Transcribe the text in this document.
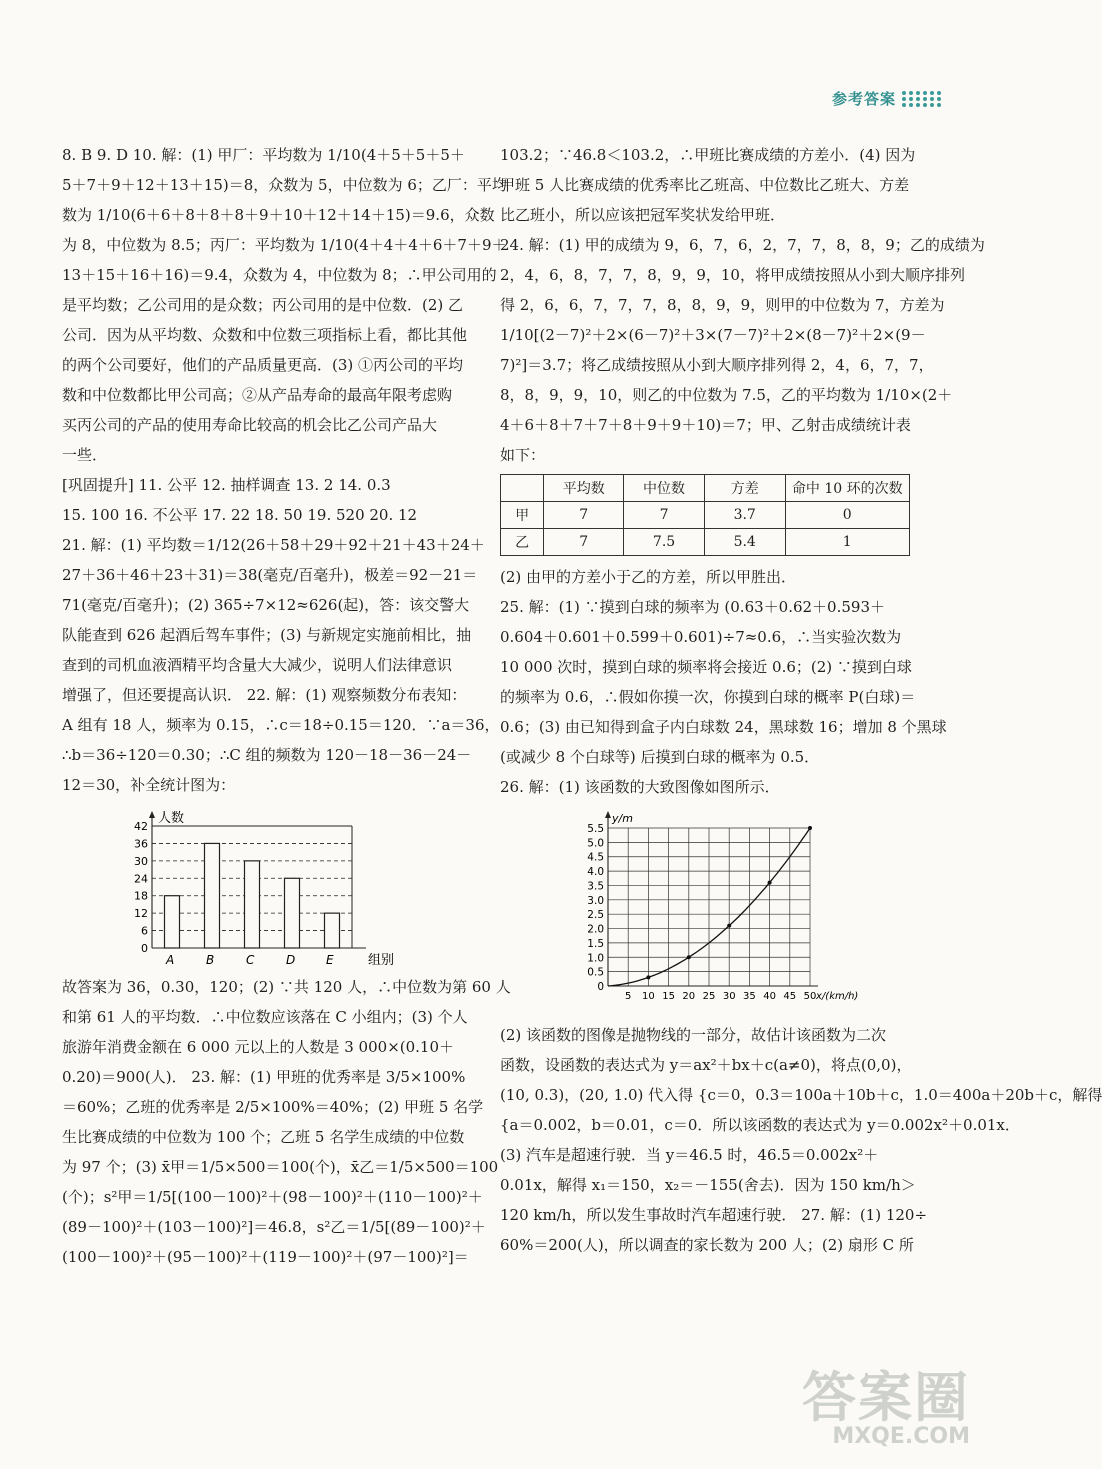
参考答案
8. B 9. D 10. 解：(1) 甲厂：平均数为 1/10(4＋5＋5＋5＋
5＋7＋9＋12＋13＋15)＝8，众数为 5，中位数为 6；乙厂：平均
数为 1/10(6＋6＋8＋8＋8＋9＋10＋12＋14＋15)＝9.6，众数
为 8，中位数为 8.5；丙厂：平均数为 1/10(4＋4＋4＋6＋7＋9＋
13＋15＋16＋16)＝9.4，众数为 4，中位数为 8；∴甲公司用的
是平均数；乙公司用的是众数；丙公司用的是中位数．(2) 乙
公司．因为从平均数、众数和中位数三项指标上看，都比其他
的两个公司要好，他们的产品质量更高．(3) ①丙公司的平均
数和中位数都比甲公司高；②从产品寿命的最高年限考虑购
买丙公司的产品的使用寿命比较高的机会比乙公司产品大
一些．
[巩固提升] 11. 公平 12. 抽样调查 13. 2 14. 0.3
15. 100 16. 不公平 17. 22 18. 50 19. 520 20. 12
21. 解：(1) 平均数＝1/12(26＋58＋29＋92＋21＋43＋24＋
27＋36＋46＋23＋31)＝38(毫克/百毫升)，极差＝92－21＝
71(毫克/百毫升)；(2) 365÷7×12≈626(起)，答：该交警大
队能查到 626 起酒后驾车事件；(3) 与新规定实施前相比，抽
查到的司机血液酒精平均含量大大减少，说明人们法律意识
增强了，但还要提高认识． 22. 解：(1) 观察频数分布表知：
A 组有 18 人，频率为 0.15，∴c＝18÷0.15＝120．∵a＝36，
∴b＝36÷120＝0.30；∴C 组的频数为 120－18－36－24－
12＝30，补全统计图为：
0
6
12
18
24
30
36
42
人数
组别
A	B	C	D	E
故答案为 36，0.30，120；(2) ∵共 120 人，∴中位数为第 60 人
和第 61 人的平均数．∴中位数应该落在 C 小组内；(3) 个人
旅游年消费金额在 6 000 元以上的人数是 3 000×(0.10＋
0.20)＝900(人)． 23. 解：(1) 甲班的优秀率是 3/5×100%
＝60%；乙班的优秀率是 2/5×100%＝40%；(2) 甲班 5 名学
生比赛成绩的中位数为 100 个；乙班 5 名学生成绩的中位数
为 97 个；(3) x̄甲＝1/5×500＝100(个)，x̄乙＝1/5×500＝100
(个)；s²甲＝1/5[(100－100)²＋(98－100)²＋(110－100)²＋
(89－100)²＋(103－100)²]＝46.8，s²乙＝1/5[(89－100)²＋
(100－100)²＋(95－100)²＋(119－100)²＋(97－100)²]＝
103.2；∵46.8＜103.2，∴甲班比赛成绩的方差小．(4) 因为
甲班 5 人比赛成绩的优秀率比乙班高、中位数比乙班大、方差
比乙班小，所以应该把冠军奖状发给甲班．
24. 解：(1) 甲的成绩为 9，6，7，6，2，7，7，8，8，9；乙的成绩为
2，4，6，8，7，7，8，9，9，10，将甲成绩按照从小到大顺序排列
得 2，6，6，7，7，7，8，8，9，9，则甲的中位数为 7，方差为
1/10[(2－7)²＋2×(6－7)²＋3×(7－7)²＋2×(8－7)²＋2×(9－
7)²]＝3.7；将乙成绩按照从小到大顺序排列得 2，4，6，7，7，
8，8，9，9，10，则乙的中位数为 7.5，乙的平均数为 1/10×(2＋
4＋6＋8＋7＋7＋8＋9＋9＋10)＝7；甲、乙射击成绩统计表
如下：
	平均数	中位数	方差	命中 10 环的次数
甲	7	7	3.7	0
乙	7	7.5	5.4	1
(2) 由甲的方差小于乙的方差，所以甲胜出．
25. 解：(1) ∵摸到白球的频率为 (0.63＋0.62＋0.593＋
0.604＋0.601＋0.599＋0.601)÷7≈0.6，∴当实验次数为
10 000 次时，摸到白球的频率将会接近 0.6；(2) ∵摸到白球
的频率为 0.6，∴假如你摸一次，你摸到白球的概率 P(白球)＝
0.6；(3) 由已知得到盒子内白球数 24，黑球数 16；增加 8 个黑球
(或减少 8 个白球等) 后摸到白球的概率为 0.5．
26. 解：(1) 该函数的大致图像如图所示．
0
0.5
1.0
1.5
2.0
2.5
3.0
3.5
4.0
4.5
5.0
5.5
y/m
5 10 15 20 25 30 35 40 45 50 x/(km/h)
(2) 该函数的图像是抛物线的一部分，故估计该函数为二次
函数，设函数的表达式为 y＝ax²＋bx＋c(a≠0)，将点(0,0)，
(10, 0.3)，(20, 1.0) 代入得 {c＝0，0.3＝100a＋10b＋c，1.0＝400a＋20b＋c，解得
{a＝0.002，b＝0.01，c＝0．所以该函数的表达式为 y＝0.002x²＋0.01x．
(3) 汽车是超速行驶．当 y＝46.5 时，46.5＝0.002x²＋
0.01x，解得 x₁＝150，x₂＝－155(舍去)．因为 150 km/h＞
120 km/h，所以发生事故时汽车超速行驶． 27. 解：(1) 120÷
60%＝200(人)，所以调查的家长数为 200 人；(2) 扇形 C 所
答案圈
MXQE.COM
